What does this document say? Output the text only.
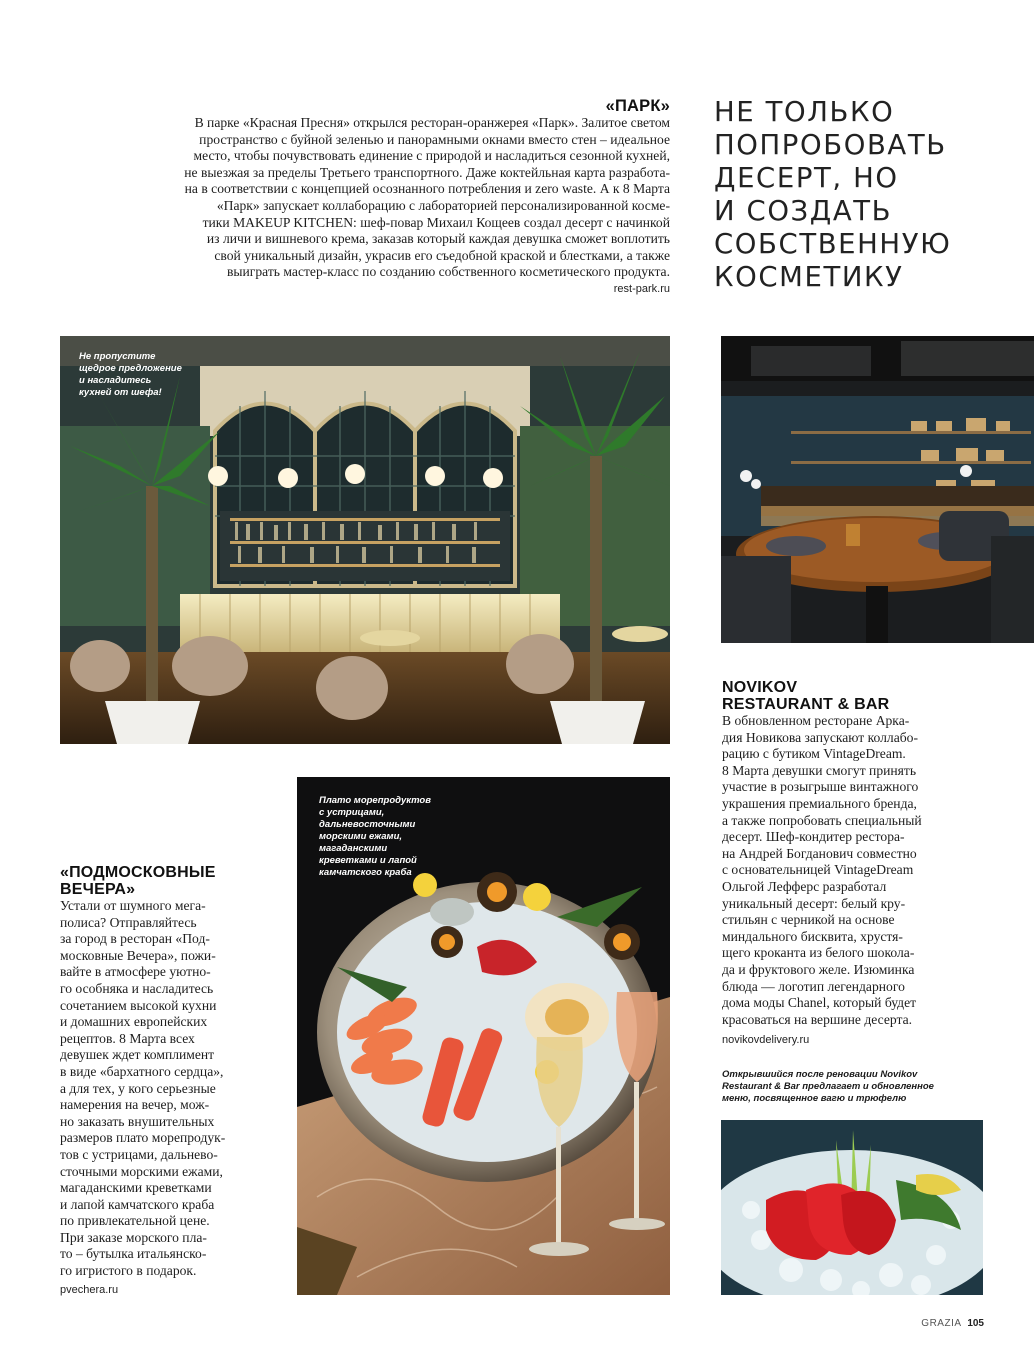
«ПАРК»
В парке «Красная Пресня» открылся ресторан-оранжерея «Парк». Залитое светом
пространство с буйной зеленью и панорамными окнами вместо стен – идеальное
место, чтобы почувствовать единение с природой и насладиться сезонной кухней,
не выезжая за пределы Третьего транспортного. Даже коктейльная карта разработа-
на в соответствии с концепцией осознанного потребления и zero waste. А к 8 Марта
«Парк» запускает коллаборацию с лабораторией персонализированной космe-
тики MAKEUP KITCHEN: шеф-повар Михаил Кощеев создал десерт с начинкой
из личи и вишневого крема, заказав который каждая девушка сможет воплотить
свой уникальный дизайн, украсив его съедобной краской и блестками, а также
выиграть мастер-класс по созданию собственного косметического продукта.
rest-park.ru
НЕ ТОЛЬКО
ПОПРОБОВАТЬ
ДЕСЕРТ, НО
И СОЗДАТЬ
СОБСТВЕННУЮ
КОСМЕТИКУ
Не пропустите
щедрое предложение
и насладитесь
кухней от шефа!
NOVIKOV
RESTAURANT & BAR
В обновленном ресторане Арка-
дия Новикова запускают коллабо-
рацию с бутиком VintageDream.
8 Марта девушки смогут принять
участие в розыгрыше винтажного
украшения премиального бренда,
а также попробовать специальный
десерт. Шеф-кондитер рестора-
на Андрей Богданович совместно
с основательницей VintageDream
Ольгой Лефферс разработал
уникальный десерт: белый кру-
стильян с черникой на основе
миндального бисквита, хрустя-
щего кроканта из белого шокола-
да и фруктового желе. Изюминка
блюда — логотип легендарного
дома моды Chanel, который будет
красоваться на вершине десерта.
novikovdelivery.ru
Открывшийся после реновации Novikov
Restaurant & Bar предлагает и обновленное
меню, посвященное вагю и трюфелю
«ПОДМОСКОВНЫЕ
ВЕЧЕРА»
Устали от шумного мега-
полиса? Отправляйтесь
за город в ресторан «Под-
московные Вечера», пожи-
вайте в атмосфере уютно-
го особняка и насладитесь
сочетанием высокой кухни
и домашних европейских
рецептов. 8 Марта всех
девушек ждет комплимент
в виде «бархатного сердца»,
а для тех, у кого серьезные
намерения на вечер, мож-
но заказать внушительных
размеров плато морепродук-
тов с устрицами, дальнево-
сточными морскими ежами,
магаданскими креветками
и лапой камчатского краба
по привлекательной цене.
При заказе морского пла-
то – бутылка итальянско-
го игристого в подарок.
pvechera.ru
Плато морепродуктов
с устрицами,
дальневосточными
морскими ежами,
магаданскими
креветками и лапой
камчатского краба
GRAZIA 105
